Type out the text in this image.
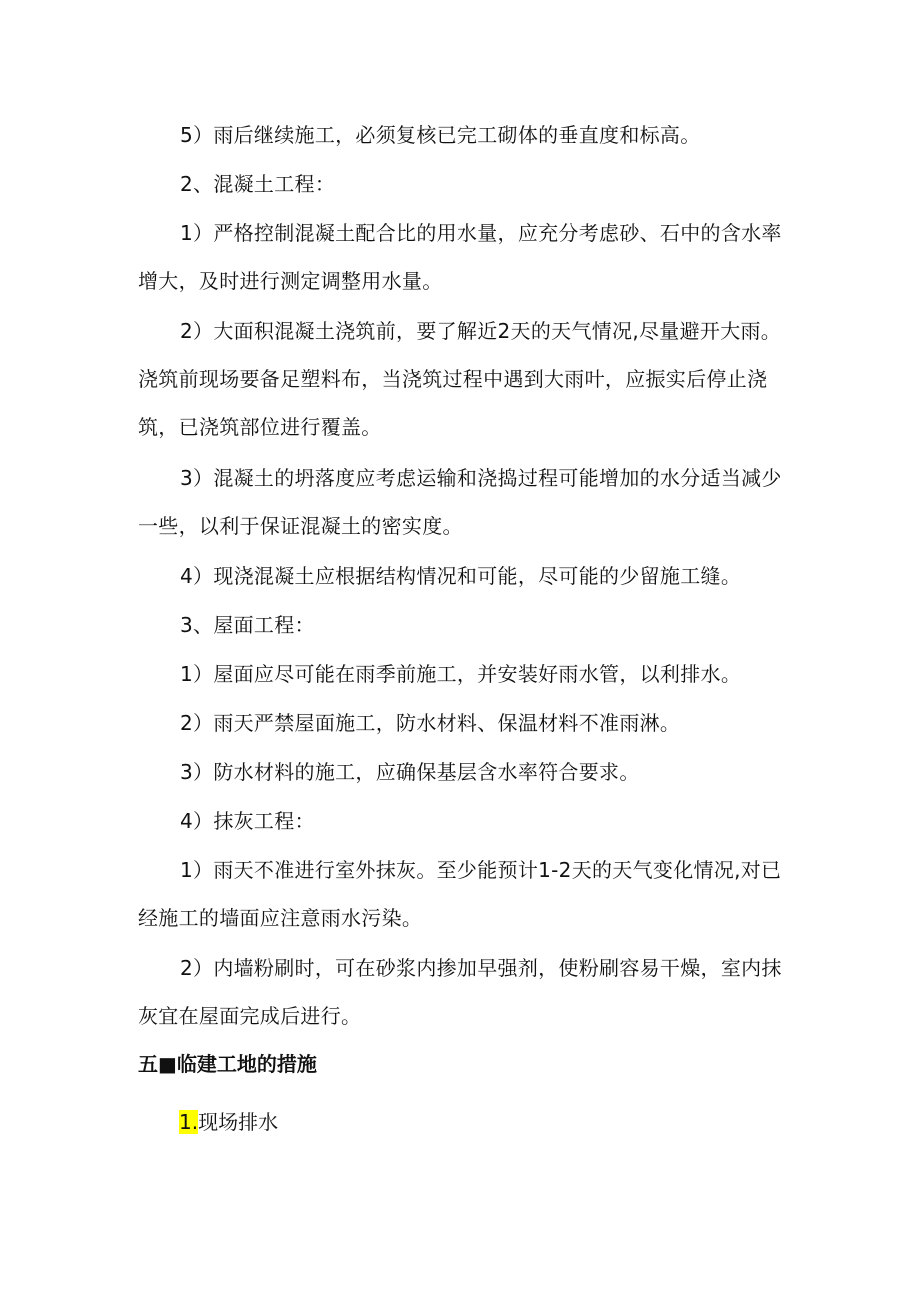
5）雨后继续施工，必须复核已完工砌体的垂直度和标高。

2、混凝土工程：

1）严格控制混凝土配合比的用水量，应充分考虑砂、石中的含水率增大，及时进行测定调整用水量。

2）大面积混凝土浇筑前，要了解近2天的天气情况,尽量避开大雨。浇筑前现场要备足塑料布，当浇筑过程中遇到大雨叶，应振实后停止浇筑，已浇筑部位进行覆盖。

3）混凝土的坍落度应考虑运输和浇捣过程可能增加的水分适当减少一些，以利于保证混凝土的密实度。

4）现浇混凝土应根据结构情况和可能，尽可能的少留施工缝。

3、屋面工程：

1）屋面应尽可能在雨季前施工，并安装好雨水管，以利排水。

2）雨天严禁屋面施工，防水材料、保温材料不准雨淋。

3）防水材料的施工，应确保基层含水率符合要求。

4）抹灰工程：

1）雨天不准进行室外抹灰。至少能预计1-2天的天气变化情况,对已经施工的墙面应注意雨水污染。

2）内墙粉刷时，可在砂浆内掺加早强剂，使粉刷容易干燥，室内抹灰宜在屋面完成后进行。

五■临建工地的措施

1.现场排水
